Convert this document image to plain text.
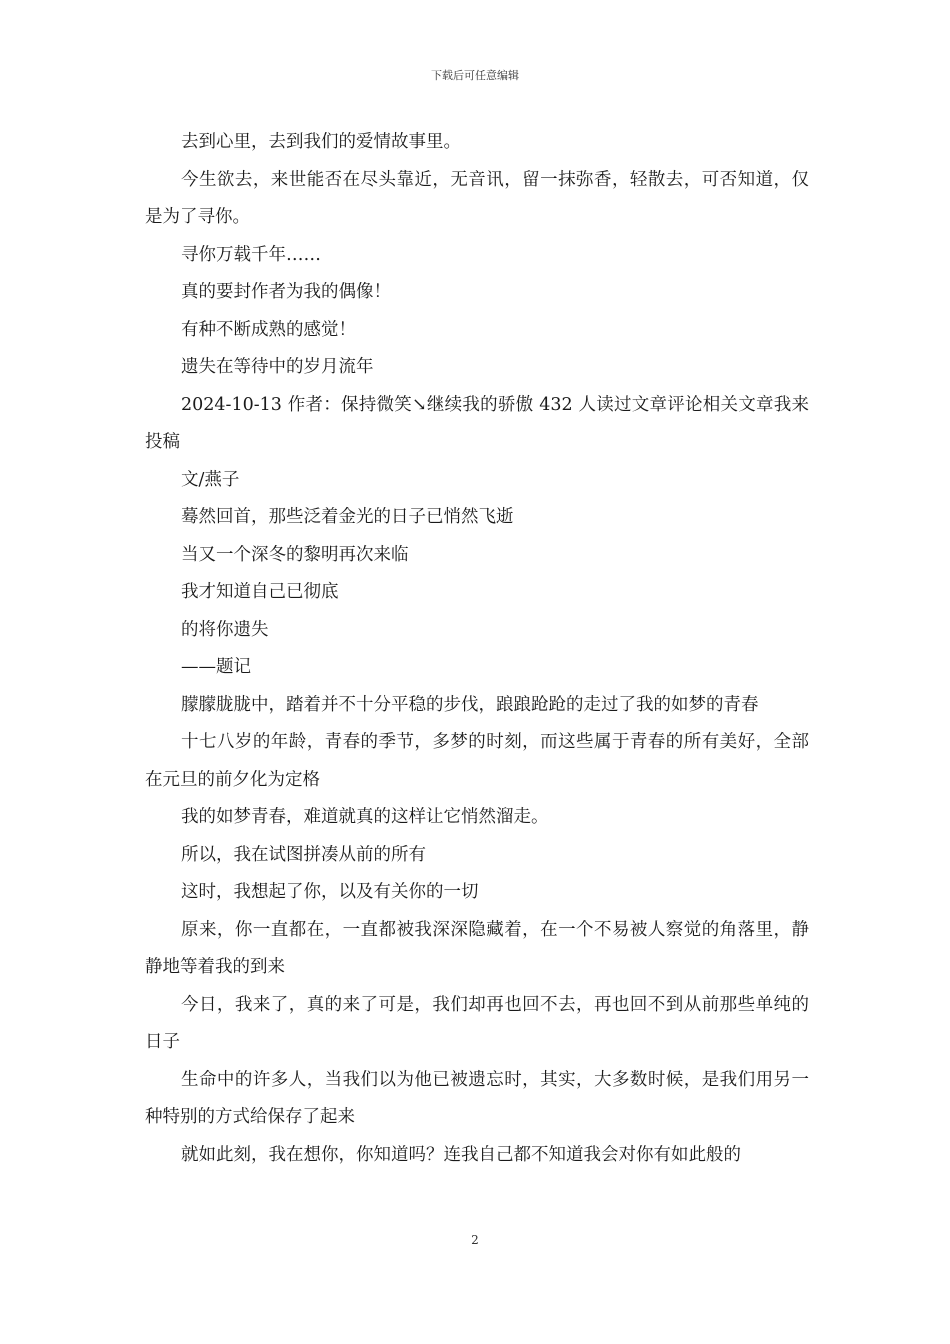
下载后可任意编辑

去到心里，去到我们的爱情故事里。

今生欲去，来世能否在尽头靠近，无音讯，留一抹弥香，轻散去，可否知道，仅是为了寻你。

寻你万载千年……

真的要封作者为我的偶像！

有种不断成熟的感觉！

遗失在等待中的岁月流年

2024-10-13 作者：保持微笑↘继续我的骄傲 432 人读过文章评论相关文章我来投稿

文/燕子

蓦然回首，那些泛着金光的日子已悄然飞逝

当又一个深冬的黎明再次来临

我才知道自己已彻底

的将你遗失

——题记

朦朦胧胧中，踏着并不十分平稳的步伐，踉踉跄跄的走过了我的如梦的青春

十七八岁的年龄，青春的季节，多梦的时刻，而这些属于青春的所有美好，全部在元旦的前夕化为定格

我的如梦青春，难道就真的这样让它悄然溜走。

所以，我在试图拼凑从前的所有

这时，我想起了你，以及有关你的一切

原来，你一直都在，一直都被我深深隐藏着，在一个不易被人察觉的角落里，静静地等着我的到来

今日，我来了，真的来了可是，我们却再也回不去，再也回不到从前那些单纯的日子

生命中的许多人，当我们以为他已被遗忘时，其实，大多数时候，是我们用另一种特别的方式给保存了起来

就如此刻，我在想你，你知道吗？连我自己都不知道我会对你有如此般的

2
